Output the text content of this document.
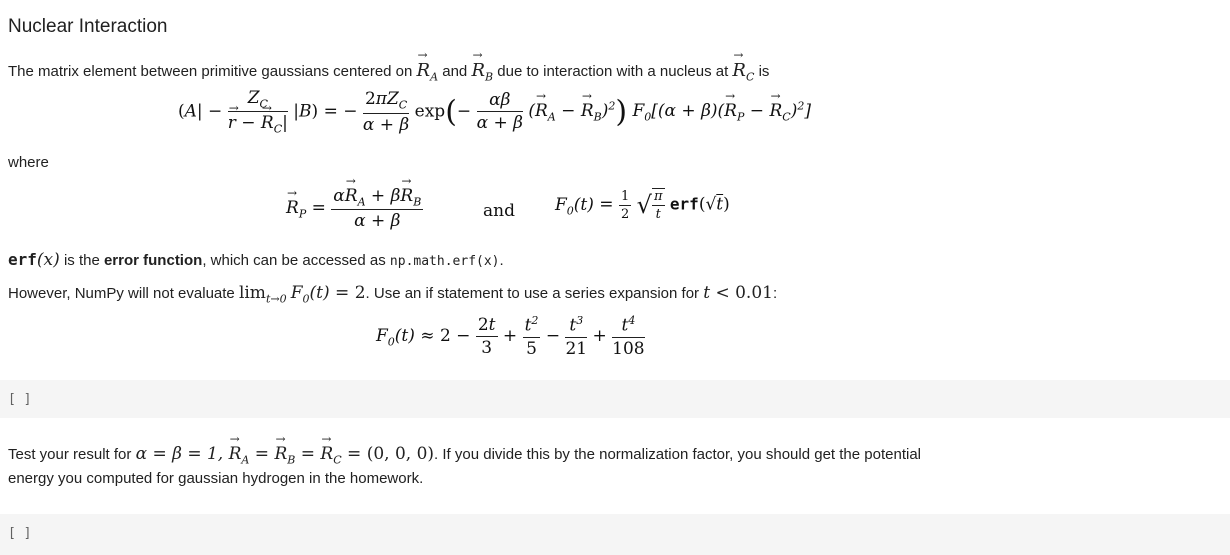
Nuclear Interaction
The matrix element between primitive gaussians centered on → $R_A$ and → $R_B$ due to interaction with a nucleus at → $R_C$ is
($A| - Z_C$
→ r − → $R_C|$ |B) = − $\frac{2\pi Z_C}{\alpha + \beta} \exp(- \frac{\alpha\beta}{\alpha + \beta}$ (→ $R_A$ − → $R_B)^2$) $F_0[(\alpha + \beta)(\to R_P$ − → $R_C)^2$]
where
→ $R_P = \frac{\alpha\to R_A + \beta\to R_B}{\alpha + \beta}$	and $F_0(t) = \frac{1}{2}$ √ $\frac{\pi}{t} erf(√t)$
erf(x) is the error function, which can be accessed as np.math.erf(x).
However, NumPy will not evaluate $\lim_{t\to 0} F_0(t) = 2$. Use an if statement to use a series expansion for t < 0.01:
$F_0(t) \approx 2 - \frac{2t}{3} + \frac{t^2}{5} - \frac{t^3}{21} + \frac{t^4}{108}$
[ ]
Test your result for α = β = 1, → $R_A$ = → $R_B$ = → $R_C = (0$, 0, 0). If you divide this by the normalization factor, you should get the potential
energy you computed for gaussian hydrogen in the homework.
[ ]
